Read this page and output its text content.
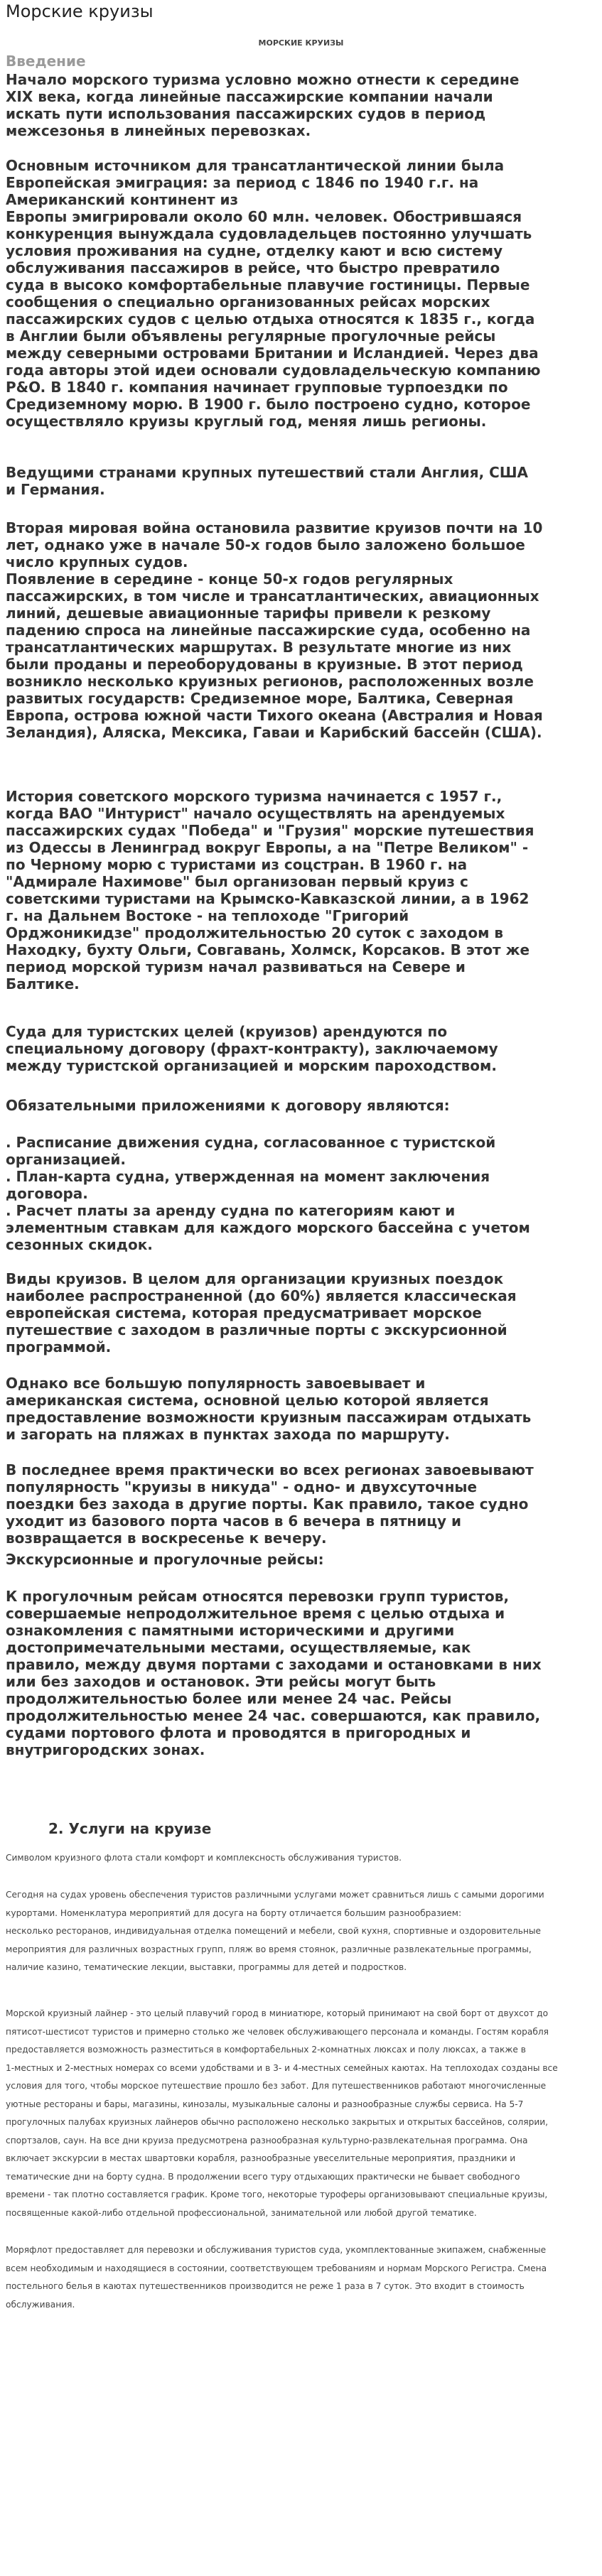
Морские круизы
МОРСКИЕ КРУИЗЫ
Введение
Начало морского туризма условно можно отнести к середине
XIX века, когда линейные пассажирские компании начали
искать пути использования пассажирских судов в период
межсезонья в линейных перевозках.
Основным источником для трансатлантической линии была
Европейская эмиграция: за период с 1846 по 1940 г.г. на
Американский континент из
Европы эмигрировали около 60 млн. человек. Обострившаяся
конкуренция вынуждала судовладельцев постоянно улучшать
условия проживания на судне, отделку кают и всю систему
обслуживания пассажиров в рейсе, что быстро превратило
суда в высоко комфортабельные плавучие гостиницы. Первые
сообщения о специально организованных рейсах морских
пассажирских судов с целью отдыха относятся к 1835 г., когда
в Англии были объявлены регулярные прогулочные рейсы
между северными островами Британии и Исландией. Через два
года авторы этой идеи основали судовладельческую компанию
P&O. В 1840 г. компания начинает групповые турпоездки по
Средиземному морю. В 1900 г. было построено судно, которое
осуществляло круизы круглый год, меняя лишь регионы.
Ведущими странами крупных путешествий стали Англия, США
и Германия.
Вторая мировая война остановила развитие круизов почти на 10
лет, однако уже в начале 50-х годов было заложено большое
число крупных судов.
Появление в середине - конце 50-х годов регулярных
пассажирских, в том числе и трансатлантических, авиационных
линий, дешевые авиационные тарифы привели к резкому
падению спроса на линейные пассажирские суда, особенно на
трансатлантических маршрутах. В результате многие из них
были проданы и переоборудованы в круизные. В этот период
возникло несколько круизных регионов, расположенных возле
развитых государств: Средиземное море, Балтика, Северная
Европа, острова южной части Тихого океана (Австралия и Новая
Зеландия), Аляска, Мексика, Гавaи и Карибский бассейн (США).
История советского морского туризма начинается с 1957 г.,
когда ВАО "Интурист" начало осуществлять на арендуемых
пассажирских судах "Победа" и "Грузия" морские путешествия
из Одессы в Ленинград вокруг Европы, а на "Петре Великом" -
по Черному морю с туристами из соцстран. В 1960 г. на
"Адмирале Нахимове" был организован первый круиз с
советскими туристами на Крымско-Кавказской линии, а в 1962
г. на Дальнем Востоке - на теплоходе "Григорий
Орджоникидзе" продолжительностью 20 суток с заходом в
Находку, бухту Ольги, Совгавань, Холмск, Корсаков. В этот же
период морской туризм начал развиваться на Севере и
Балтике.
Суда для туристских целей (круизов) арендуются по
специальному договору (фрахт-контракту), заключаемому
между туристской организацией и морским пароходством.
Обязательными приложениями к договору являются:
. Расписание движения судна, согласованное с туристской
организацией.
. План-карта судна, утвержденная на момент заключения
договора.
. Расчет платы за аренду судна по категориям кают и
элементным ставкам для каждого морского бассейна с учетом
сезонных скидок.
Виды круизов. В целом для организации круизных поездок
наиболее распространенной (до 60%) является классическая
европейская система, которая предусматривает морское
путешествие с заходом в различные порты с экскурсионной
программой.
Однако все большую популярность завоевывает и
американская система, основной целью которой является
предоставление возможности круизным пассажирам отдыхать
и загорать на пляжах в пунктах захода по маршруту.
В последнее время практически во всех регионах завоевывают
популярность "круизы в никуда" - одно- и двухсуточные
поездки без захода в другие порты. Как правило, такое судно
уходит из базового порта часов в 6 вечера в пятницу и
возвращается в воскресенье к вечеру.
Экскурсионные и прогулочные рейсы:
К прогулочным рейсам относятся перевозки групп туристов,
совершаемые непродолжительное время с целью отдыха и
ознакомления с памятными историческими и другими
достопримечательными местами, осуществляемые, как
правило, между двумя портами с заходами и остановками в них
или без заходов и остановок. Эти рейсы могут быть
продолжительностью более или менее 24 час. Рейсы
продолжительностью менее 24 час. совершаются, как правило,
судами портового флота и проводятся в пригородных и
внутригородских зонах.
2. Услуги на круизе
Символом круизного флота стали комфорт и комплексность обслуживания туристов.
Сегодня на судах уровень обеспечения туристов различными услугами может сравниться лишь с самыми дорогими
курортами. Номенклатура мероприятий для досуга на борту отличается большим разнообразием:
несколько ресторанов, индивидуальная отделка помещений и мебели, свой кухня, спортивные и оздоровительные
мероприятия для различных возрастных групп, пляж во время стоянок, различные развлекательные программы,
наличие казино, тематические лекции, выставки, программы для детей и подростков.
Морской круизный лайнер - это целый плавучий город в миниатюре, который принимают на свой борт от двухсот до
пятисот-шестисот туристов и примерно столько же человек обслуживающего персонала и команды. Гостям корабля
предоставляется возможность разместиться в комфортабельных 2-комнатных люксах и полу люксах, а также в
1-местных и 2-местных номерах со всеми удобствами и в 3- и 4-местных семейных каютах. На теплоходах созданы все
условия для того, чтобы морское путешествие прошло без забот. Для путешественников работают многочисленные
уютные рестораны и бары, магазины, кинозалы, музыкальные салоны и разнообразные службы сервиса. На 5-7
прогулочных палубах круизных лайнеров обычно расположено несколько закрытых и открытых бассейнов, солярии,
спортзалов, саун. На все дни круиза предусмотрена разнообразная культурно-развлекательная программа. Она
включает экскурсии в местах швартовки корабля, разнообразные увеселительные мероприятия, праздники и
тематические дни на борту судна. В продолжении всего туру отдыхающих практически не бывает свободного
времени - так плотно составляется график. Кроме того, некоторые туроферы организовывают специальные круизы,
посвященные какой-либо отдельной профессиональной, занимательной или любой другой тематике.
Моряфлот предоставляет для перевозки и обслуживания туристов суда, укомплектованные экипажем, снабженные
всем необходимым и находящиеся в состоянии, соответствующем требованиям и нормам Морского Регистра. Смена
постельного белья в каютах путешественников производится не реже 1 раза в 7 суток. Это входит в стоимость
обслуживания.
